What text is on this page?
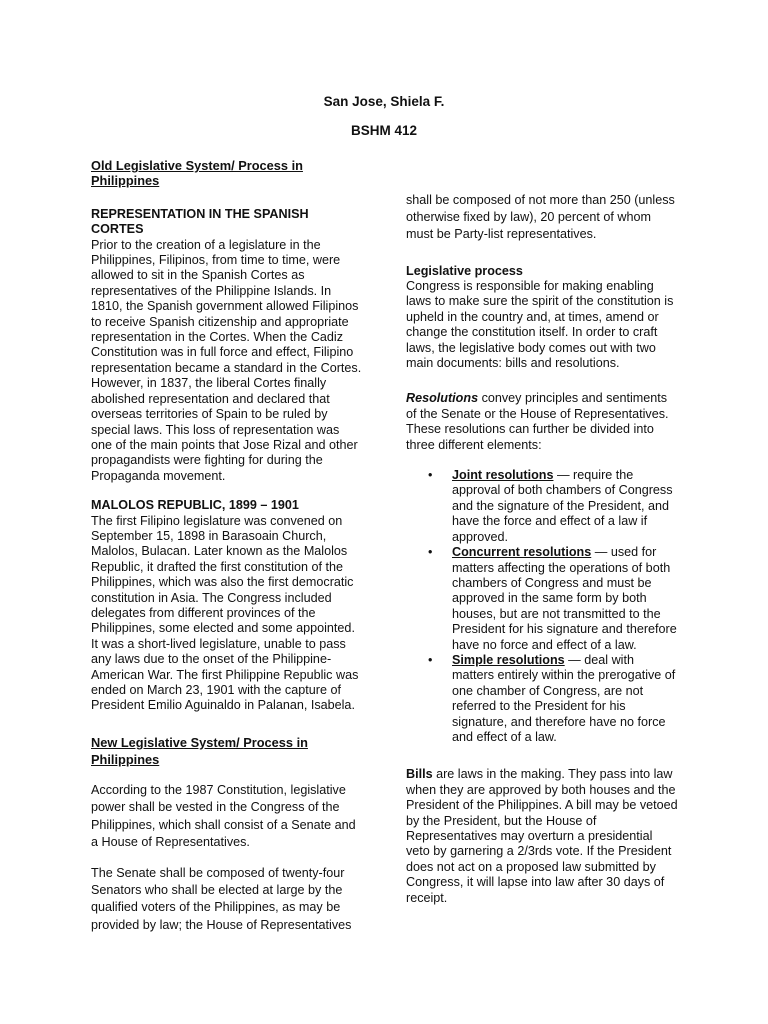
San Jose, Shiela F.
BSHM 412
Old Legislative System/ Process in Philippines
REPRESENTATION IN THE SPANISH CORTES

Prior to the creation of a legislature in the Philippines, Filipinos, from time to time, were allowed to sit in the Spanish Cortes as representatives of the Philippine Islands. In 1810, the Spanish government allowed Filipinos to receive Spanish citizenship and appropriate representation in the Cortes. When the Cadiz Constitution was in full force and effect, Filipino representation became a standard in the Cortes. However, in 1837, the liberal Cortes finally abolished representation and declared that overseas territories of Spain to be ruled by special laws. This loss of representation was one of the main points that Jose Rizal and other propagandists were fighting for during the Propaganda movement.

MALOLOS REPUBLIC, 1899 – 1901

The first Filipino legislature was convened on September 15, 1898 in Barasoain Church, Malolos, Bulacan. Later known as the Malolos Republic, it drafted the first constitution of the Philippines, which was also the first democratic constitution in Asia. The Congress included delegates from different provinces of the Philippines, some elected and some appointed. It was a short-lived legislature, unable to pass any laws due to the onset of the Philippine-American War. The first Philippine Republic was ended on March 23, 1901 with the capture of President Emilio Aguinaldo in Palanan, Isabela.

New Legislative System/ Process in Philippines

According to the 1987 Constitution, legislative power shall be vested in the Congress of the Philippines, which shall consist of a Senate and a House of Representatives.

The Senate shall be composed of twenty-four Senators who shall be elected at large by the qualified voters of the Philippines, as may be provided by law; the House of Representatives

shall be composed of not more than 250 (unless otherwise fixed by law), 20 percent of whom must be Party-list representatives.

Legislative process

Congress is responsible for making enabling laws to make sure the spirit of the constitution is upheld in the country and, at times, amend or change the constitution itself. In order to craft laws, the legislative body comes out with two main documents: bills and resolutions.

Resolutions convey principles and sentiments of the Senate or the House of Representatives. These resolutions can further be divided into three different elements:

• Joint resolutions — require the approval of both chambers of Congress and the signature of the President, and have the force and effect of a law if approved.
• Concurrent resolutions — used for matters affecting the operations of both chambers of Congress and must be approved in the same form by both houses, but are not transmitted to the President for his signature and therefore have no force and effect of a law.
• Simple resolutions — deal with matters entirely within the prerogative of one chamber of Congress, are not referred to the President for his signature, and therefore have no force and effect of a law.

Bills are laws in the making. They pass into law when they are approved by both houses and the President of the Philippines. A bill may be vetoed by the President, but the House of Representatives may overturn a presidential veto by garnering a 2/3rds vote. If the President does not act on a proposed law submitted by Congress, it will lapse into law after 30 days of receipt.
